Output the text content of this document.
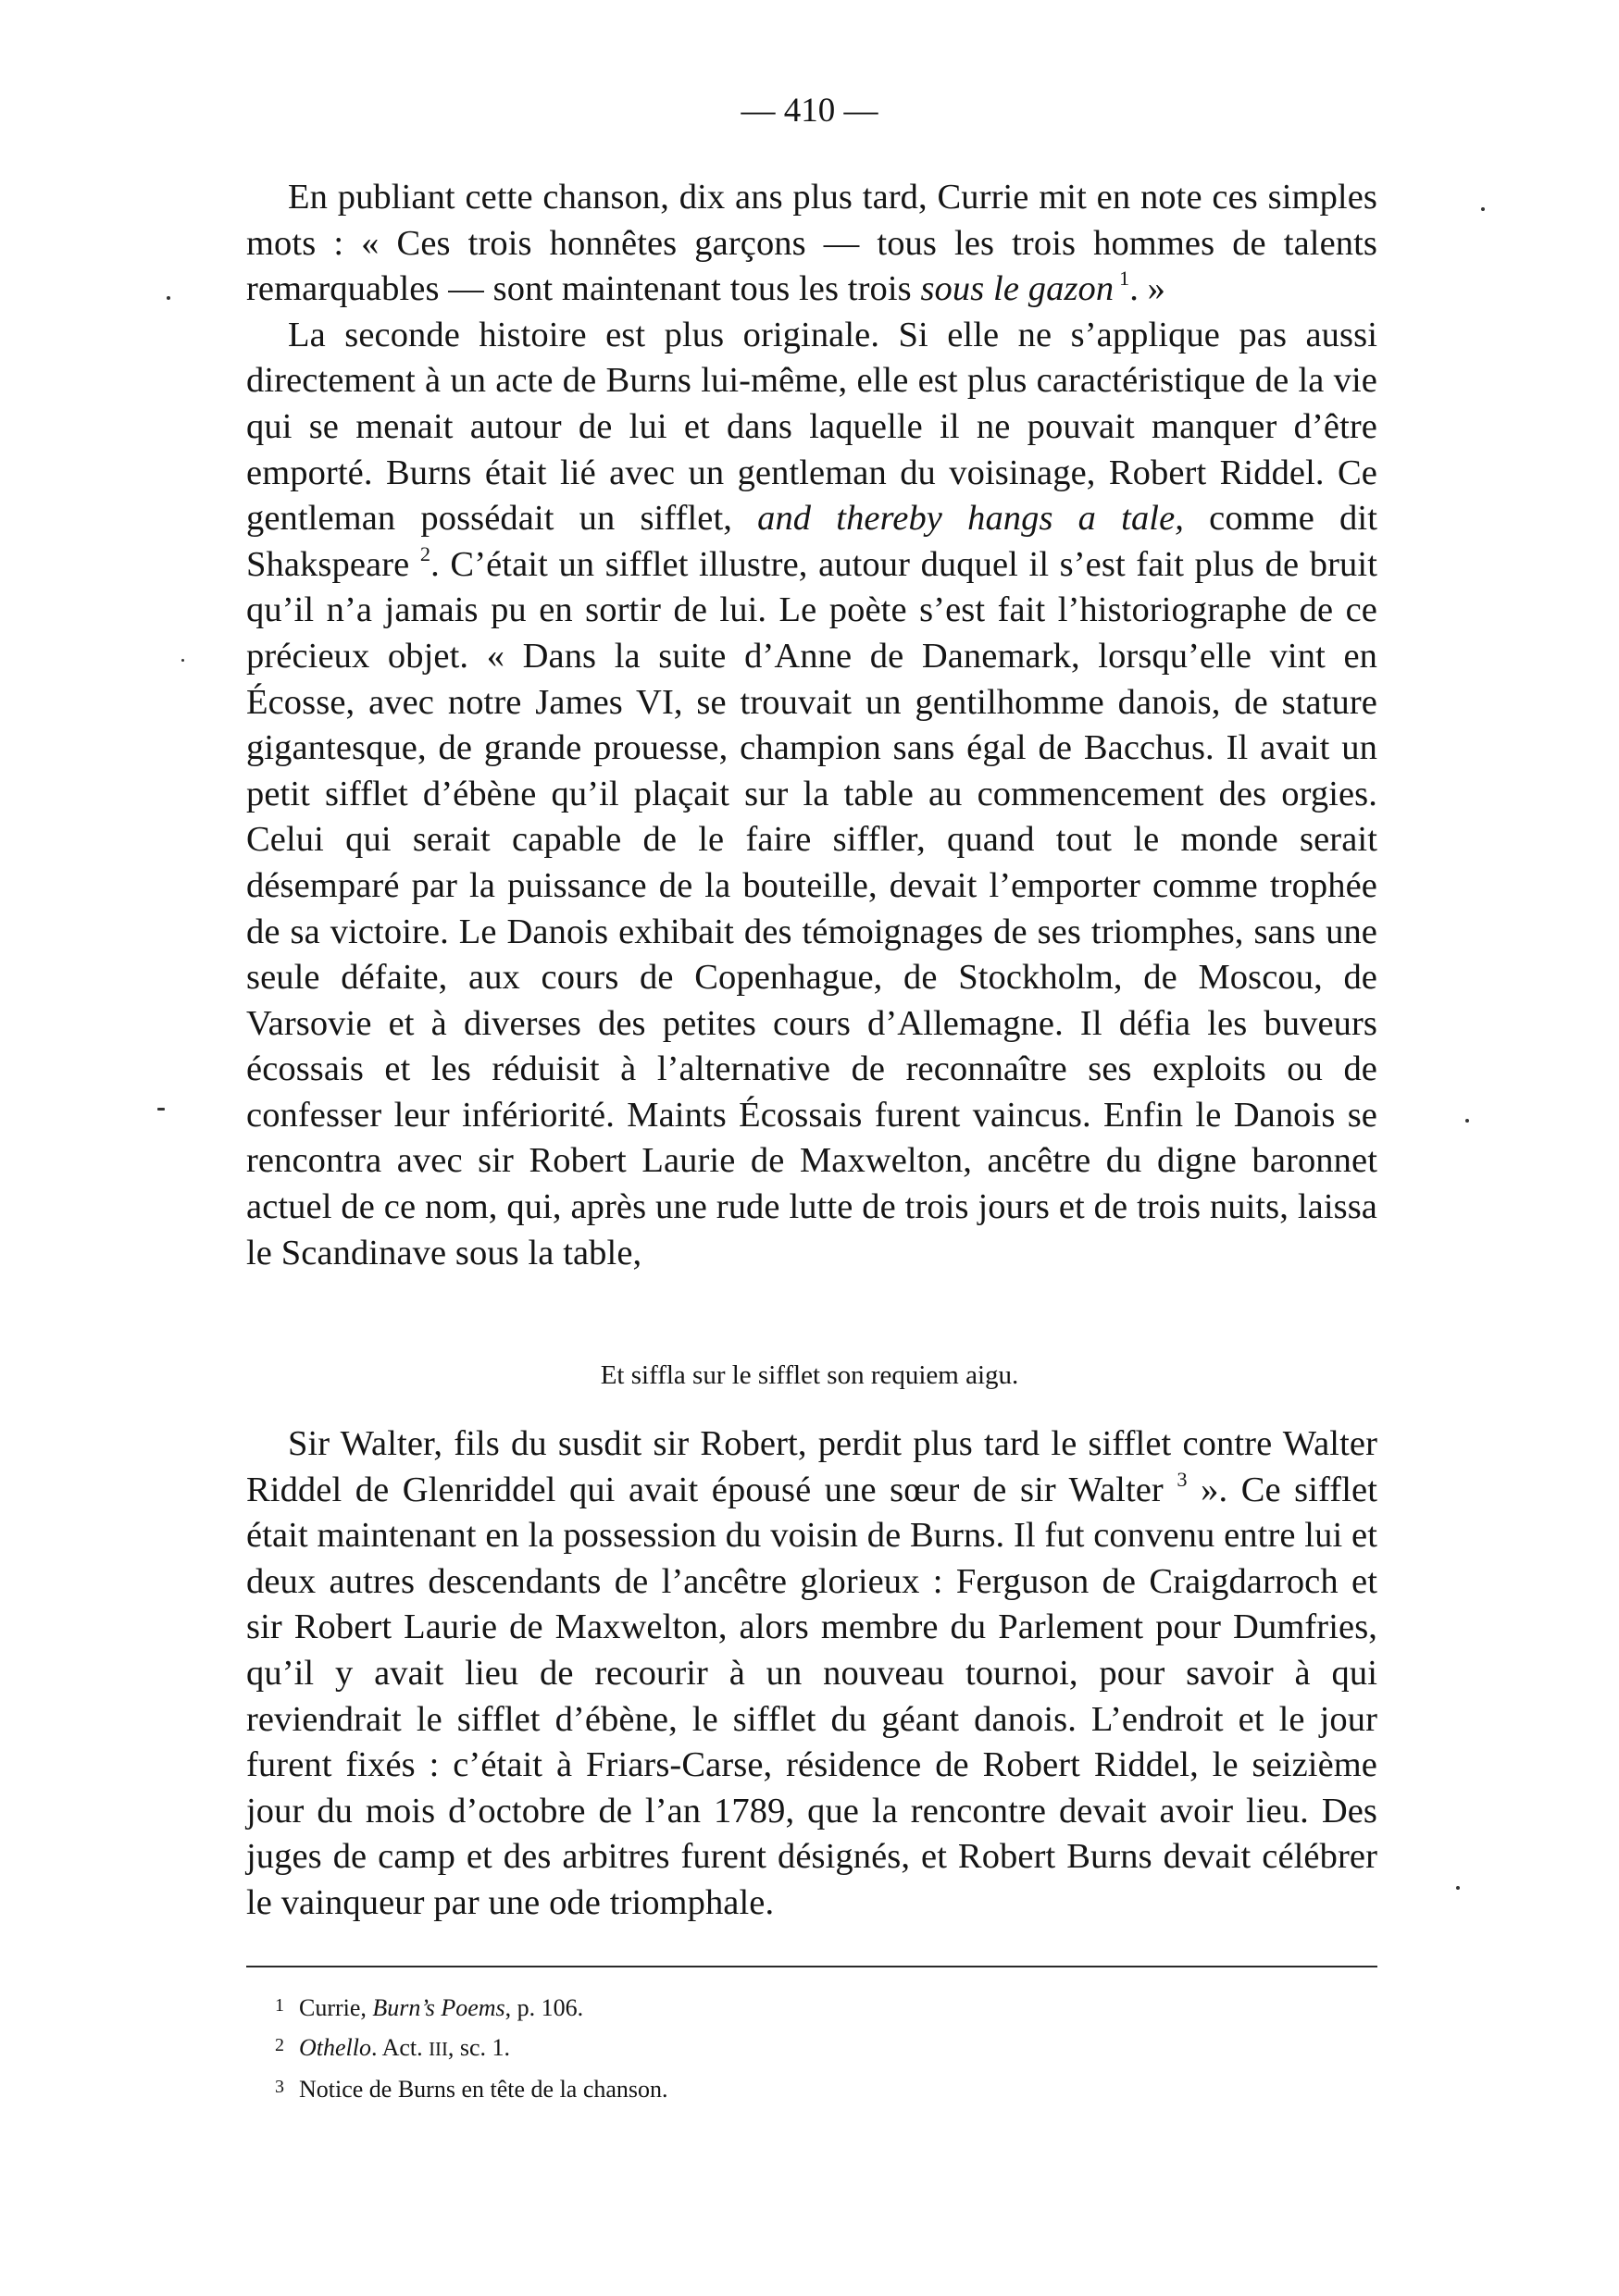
— 410 —

En publiant cette chanson, dix ans plus tard, Currie mit en note ces simples mots : « Ces trois honnêtes garçons — tous les trois hommes de talents remarquables — sont maintenant tous les trois sous le gazon $^1$. »

La seconde histoire est plus originale. Si elle ne s’applique pas aussi directement à un acte de Burns lui-même, elle est plus caractéristique de la vie qui se menait autour de lui et dans laquelle il ne pouvait manquer d’être emporté. Burns était lié avec un gentleman du voisinage, Robert Riddel. Ce gentleman possédait un sifflet, and thereby hangs a tale, comme dit Shakspeare $^2$. C’était un sifflet illustre, autour duquel il s’est fait plus de bruit qu’il n’a jamais pu en sortir de lui. Le poète s’est fait l’historiographe de ce précieux objet. « Dans la suite d’Anne de Danemark, lorsqu’elle vint en Écosse, avec notre James VI, se trouvait un gentilhomme danois, de stature gigantesque, de grande prouesse, champion sans égal de Bacchus. Il avait un petit sifflet d’ébène qu’il plaçait sur la table au commencement des orgies. Celui qui serait capable de le faire siffler, quand tout le monde serait désemparé par la puissance de la bouteille, devait l’emporter comme trophée de sa victoire. Le Danois exhibait des témoignages de ses triomphes, sans une seule défaite, aux cours de Copenhague, de Stockholm, de Moscou, de Varsovie et à diverses des petites cours d’Allemagne. Il défia les buveurs écossais et les réduisit à l’alternative de reconnaître ses exploits ou de confesser leur infériorité. Maints Écossais furent vaincus. Enfin le Danois se rencontra avec sir Robert Laurie de Maxwelton, ancêtre du digne baronnet actuel de ce nom, qui, après une rude lutte de trois jours et de trois nuits, laissa le Scandinave sous la table,

Et siffla sur le sifflet son requiem aigu.

Sir Walter, fils du susdit sir Robert, perdit plus tard le sifflet contre Walter Riddel de Glenriddel qui avait épousé une sœur de sir Walter $^3$ ». Ce sifflet était maintenant en la possession du voisin de Burns. Il fut convenu entre lui et deux autres descendants de l’ancêtre glorieux : Ferguson de Craigdarroch et sir Robert Laurie de Maxwelton, alors membre du Parlement pour Dumfries, qu’il y avait lieu de recourir à un nouveau tournoi, pour savoir à qui reviendrait le sifflet d’ébène, le sifflet du géant danois. L’endroit et le jour furent fixés : c’était à Friars-Carse, résidence de Robert Riddel, le seizième jour du mois d’octobre de l’an 1789, que la rencontre devait avoir lieu. Des juges de camp et des arbitres furent désignés, et Robert Burns devait célébrer le vainqueur par une ode triomphale.

1 Currie, Burn’s Poems, p. 106.
2 Othello. Act. III, sc. 1.
3 Notice de Burns en tête de la chanson.
